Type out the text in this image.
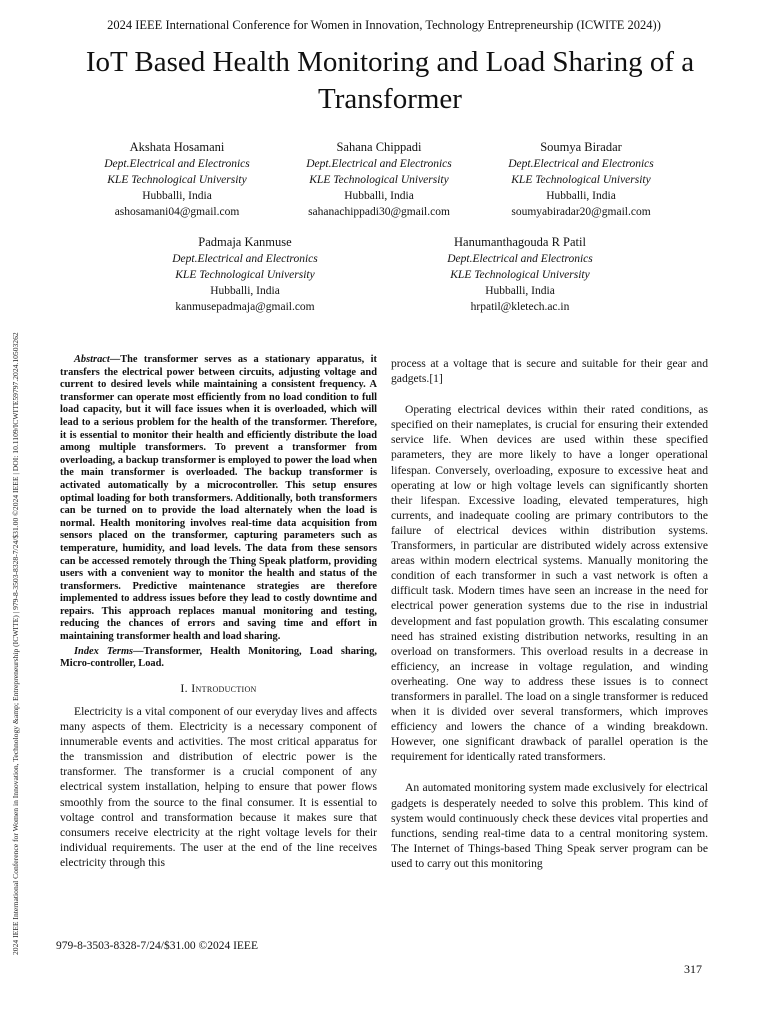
2024 IEEE International Conference for Women in Innovation, Technology Entrepreneurship (ICWITE 2024))
IoT Based Health Monitoring and Load Sharing of a Transformer
Akshata Hosamani
Dept.Electrical and Electronics
KLE Technological University
Hubballi, India
ashosamani04@gmail.com
Sahana Chippadi
Dept.Electrical and Electronics
KLE Technological University
Hubballi, India
sahanachippadi30@gmail.com
Soumya Biradar
Dept.Electrical and Electronics
KLE Technological University
Hubballi, India
soumyabiradar20@gmail.com
Padmaja Kanmuse
Dept.Electrical and Electronics
KLE Technological University
Hubballi, India
kanmusepadmaja@gmail.com
Hanumanthagouda R Patil
Dept.Electrical and Electronics
KLE Technological University
Hubballi, India
hrpatil@kletech.ac.in
2024 IEEE International Conference for Women in Innovation, Technology &amp; Entrepreneurship (ICWITE) | 979-8-3503-8328-7/24/$31.00 ©2024 IEEE | DOI: 10.1109/ICWITE59797.2024.10503262	Abstract—The transformer serves as a stationary apparatus, it transfers the electrical power between circuits, adjusting voltage and current to desired levels while maintaining a consistent frequency. A transformer can operate most efficiently from no load condition to full load capacity, but it will face issues when it is overloaded, which will lead to a serious problem for the health of the transformer. Therefore, it is essential to monitor their health and efficiently distribute the load among multiple transformers. To prevent a transformer from overloading, a backup transformer is employed to power the load when the main transformer is overloaded. The backup transformer is activated automatically by a microcontroller. This setup ensures optimal loading for both transformers. Additionally, both transformers can be turned on to provide the load alternately when the load is normal. Health monitoring involves real-time data acquisition from sensors placed on the transformer, capturing parameters such as temperature, humidity, and load levels. The data from these sensors can be accessed remotely through the Thing Speak platform, providing users with a convenient way to monitor the health and status of the transformers. Predictive maintenance strategies are therefore implemented to address issues before they lead to costly downtime and repairs. This approach replaces manual monitoring and testing, reducing the chances of errors and saving time and effort in maintaining transformer health and load sharing.

Index Terms—Transformer, Health Monitoring, Load sharing, Micro-controller, Load.

I. Introduction

Electricity is a vital component of our everyday lives and affects many aspects of them. Electricity is a necessary component of innumerable events and activities. The most critical apparatus for the transmission and distribution of electric power is the transformer. The transformer is a crucial component of any electrical system installation, helping to ensure that power flows smoothly from the source to the final consumer. It is essential to voltage control and transformation because it makes sure that consumers receive electricity at the right voltage levels for their individual requirements. The user at the end of the line receives electricity through this

process at a voltage that is secure and suitable for their gear and gadgets.[1]

Operating electrical devices within their rated conditions, as specified on their nameplates, is crucial for ensuring their extended service life. When devices are used within these specified parameters, they are more likely to have a longer operational lifespan. Conversely, overloading, exposure to excessive heat and operating at low or high voltage levels can significantly shorten their lifespan. Excessive loading, elevated temperatures, high currents, and inadequate cooling are primary contributors to the failure of electrical devices within distribution systems. Transformers, in particular are distributed widely across extensive areas within modern electrical systems. Manually monitoring the condition of each transformer in such a vast network is often a difficult task. Modern times have seen an increase in the need for electrical power generation systems due to the rise in industrial development and fast population growth. This escalating consumer need has strained existing distribution networks, resulting in an overload on transformers. This overload results in a decrease in efficiency, an increase in voltage regulation, and winding overheating. One way to address these issues is to connect transformers in parallel. The load on a single transformer is reduced when it is divided over several transformers, which improves efficiency and lowers the chance of a winding breakdown. However, one significant drawback of parallel operation is the requirement for identically rated transformers.

An automated monitoring system made exclusively for electrical gadgets is desperately needed to solve this problem. This kind of system would continuously check these devices vital properties and functions, sending real-time data to a central monitoring system. The Internet of Things-based Thing Speak server program can be used to carry out this monitoring

979-8-3503-8328-7/24/$31.00 ©2024 IEEE
317
